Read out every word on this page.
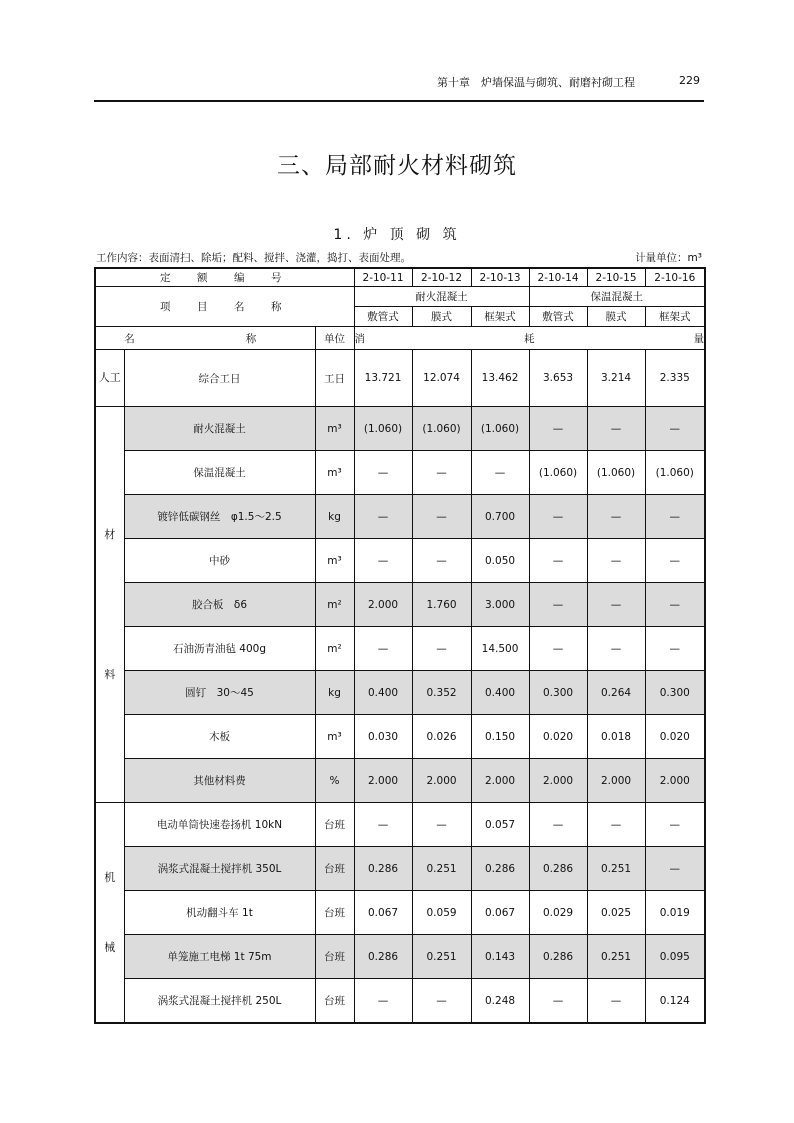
第十章　炉墙保温与砌筑、耐磨衬砌工程	229
三、局部耐火材料砌筑
1. 炉 顶 砌 筑
工作内容：表面清扫、除垢；配料、搅拌、浇灌，捣打、表面处理。	计量单位：m³
定　额　编　号			2-10-11	2-10-12	2-10-13	2-10-14	2-10-15	2-10-16
项　目　名　称			耐火混凝土			保温混凝土		
			敷管式	膜式	框架式	敷管式	膜式	框架式
名　　称		单位	消　　耗　　量					
人工	综合工日	工日	13.721	12.074	13.462	3.653	3.214	2.335

材
料	耐火混凝土	m³	(1.060)	(1.060)	(1.060)	—	—	—
	保温混凝土	m³	—	—	—	(1.060)	(1.060)	(1.060)
	镀锌低碳钢丝　φ1.5～2.5	kg	—	—	0.700	—	—	—
	中砂	m³	—	—	0.050	—	—	—
	胶合板　δ6	m²	2.000	1.760	3.000	—	—	—
	石油沥青油毡 400g	m²	—	—	14.500	—	—	—
	圆钉　30～45	kg	0.400	0.352	0.400	0.300	0.264	0.300
	木板	m³	0.030	0.026	0.150	0.020	0.018	0.020
	其他材料费	%	2.000	2.000	2.000	2.000	2.000	2.000

机
械	电动单筒快速卷扬机 10kN	台班	—	—	0.057	—	—	—
	涡浆式混凝土搅拌机 350L	台班	0.286	0.251	0.286	0.286	0.251	—
	机动翻斗车 1t	台班	0.067	0.059	0.067	0.029	0.025	0.019
	单笼施工电梯 1t 75m	台班	0.286	0.251	0.143	0.286	0.251	0.095
	涡浆式混凝土搅拌机 250L	台班	—	—	0.248	—	—	0.124
